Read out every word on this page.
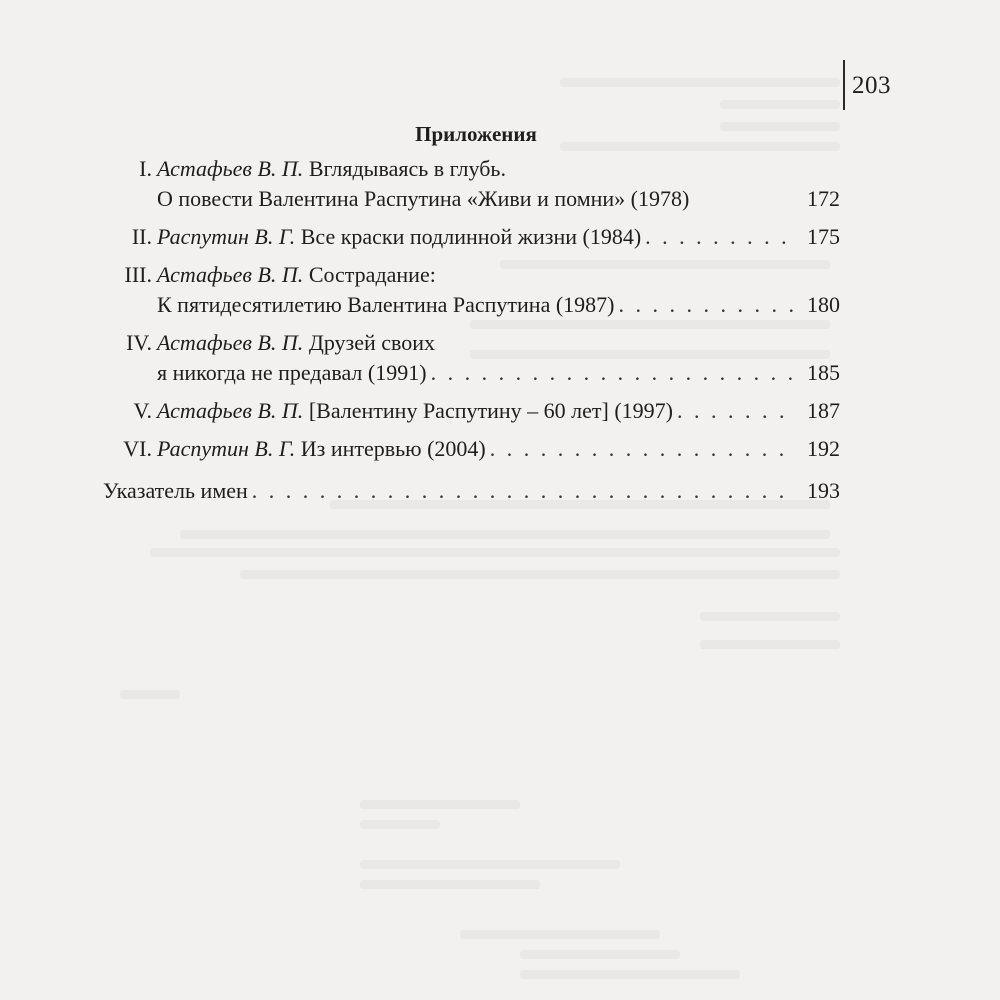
203
Приложения
I. Астафьев В. П. Вглядываясь в глубь.
О повести Валентина Распутина «Живи и помни» (1978)	172
II. Распутин В. Г. Все краски подлинной жизни (1984) . . .	175
III. Астафьев В. П. Сострадание:
К пятидесятилетию Валентина Распутина (1987) . . .	180
IV. Астафьев В. П. Друзей своих
я никогда не предавал (1991) . . .	185
V. Астафьев В. П. [Валентину Распутину – 60 лет] (1997) . . .	187
VI. Распутин В. Г. Из интервью (2004) . . .	192
Указатель имен . . .	193
